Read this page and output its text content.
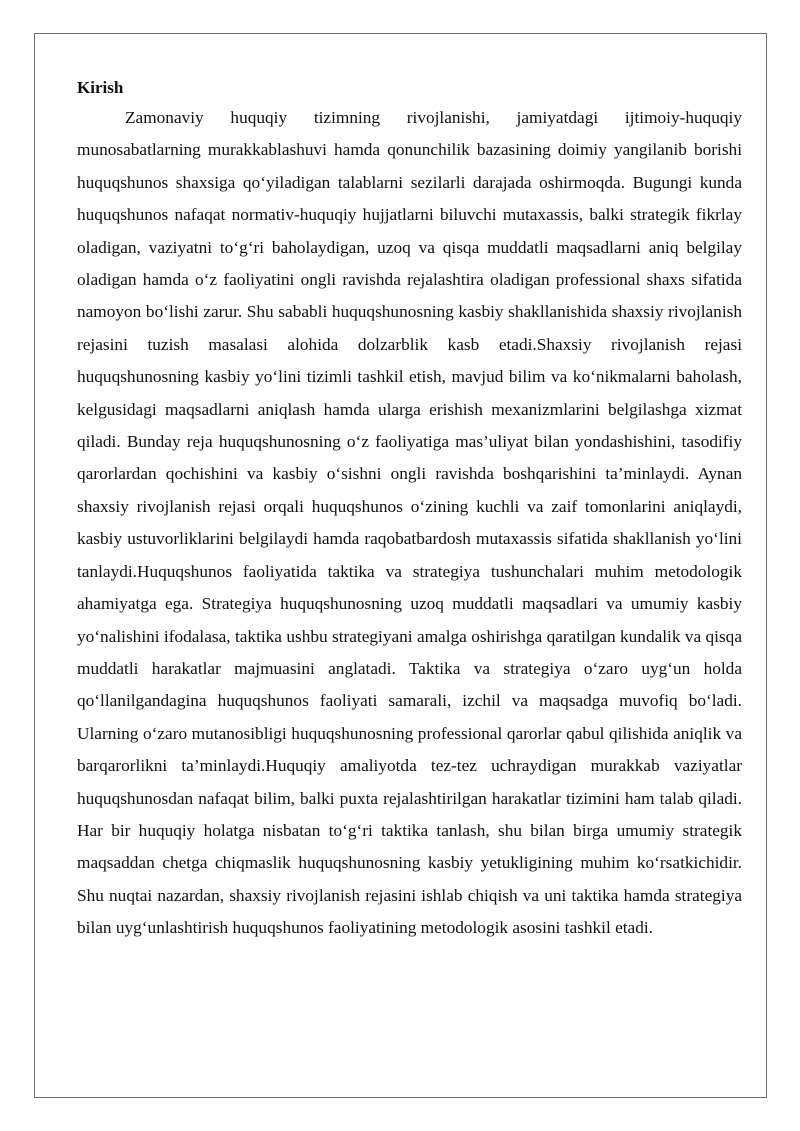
Kirish

Zamonaviy huquqiy tizimning rivojlanishi, jamiyatdagi ijtimoiy-huquqiy munosabatlarning murakkablashuvi hamda qonunchilik bazasining doimiy yangilanib borishi huquqshunos shaxsiga qo‘yiladigan talablarni sezilarli darajada oshirmoqda. Bugungi kunda huquqshunos nafaqat normativ-huquqiy hujjatlarni biluvchi mutaxassis, balki strategik fikrlay oladigan, vaziyatni to‘g‘ri baholaydigan, uzoq va qisqa muddatli maqsadlarni aniq belgilay oladigan hamda o‘z faoliyatini ongli ravishda rejalashtira oladigan professional shaxs sifatida namoyon bo‘lishi zarur. Shu sababli huquqshunosning kasbiy shakllanishida shaxsiy rivojlanish rejasini tuzish masalasi alohida dolzarblik kasb etadi.Shaxsiy rivojlanish rejasi huquqshunosning kasbiy yo‘lini tizimli tashkil etish, mavjud bilim va ko‘nikmalarni baholash, kelgusidagi maqsadlarni aniqlash hamda ularga erishish mexanizmlarini belgilashga xizmat qiladi. Bunday reja huquqshunosning o‘z faoliyatiga mas’uliyat bilan yondashishini, tasodifiy qarorlardan qochishini va kasbiy o‘sishni ongli ravishda boshqarishini ta’minlaydi. Aynan shaxsiy rivojlanish rejasi orqali huquqshunos o‘zining kuchli va zaif tomonlarini aniqlaydi, kasbiy ustuvorliklarini belgilaydi hamda raqobatbardosh mutaxassis sifatida shakllanish yo‘lini tanlaydi.Huquqshunos faoliyatida taktika va strategiya tushunchalari muhim metodologik ahamiyatga ega. Strategiya huquqshunosning uzoq muddatli maqsadlari va umumiy kasbiy yo‘nalishini ifodalasa, taktika ushbu strategiyani amalga oshirishga qaratilgan kundalik va qisqa muddatli harakatlar majmuasini anglatadi. Taktika va strategiya o‘zaro uyg‘un holda qo‘llanilgandagina huquqshunos faoliyati samarali, izchil va maqsadga muvofiq bo‘ladi. Ularning o‘zaro mutanosibligi huquqshunosning professional qarorlar qabul qilishida aniqlik va barqarorlikni ta’minlaydi.Huquqiy amaliyotda tez-tez uchraydigan murakkab vaziyatlar huquqshunosdan nafaqat bilim, balki puxta rejalashtirilgan harakatlar tizimini ham talab qiladi. Har bir huquqiy holatga nisbatan to‘g‘ri taktika tanlash, shu bilan birga umumiy strategik maqsaddan chetga chiqmaslik huquqshunosning kasbiy yetukligining muhim ko‘rsatkichidir. Shu nuqtai nazardan, shaxsiy rivojlanish rejasini ishlab chiqish va uni taktika hamda strategiya bilan uyg‘unlashtirish huquqshunos faoliyatining metodologik asosini tashkil etadi.
